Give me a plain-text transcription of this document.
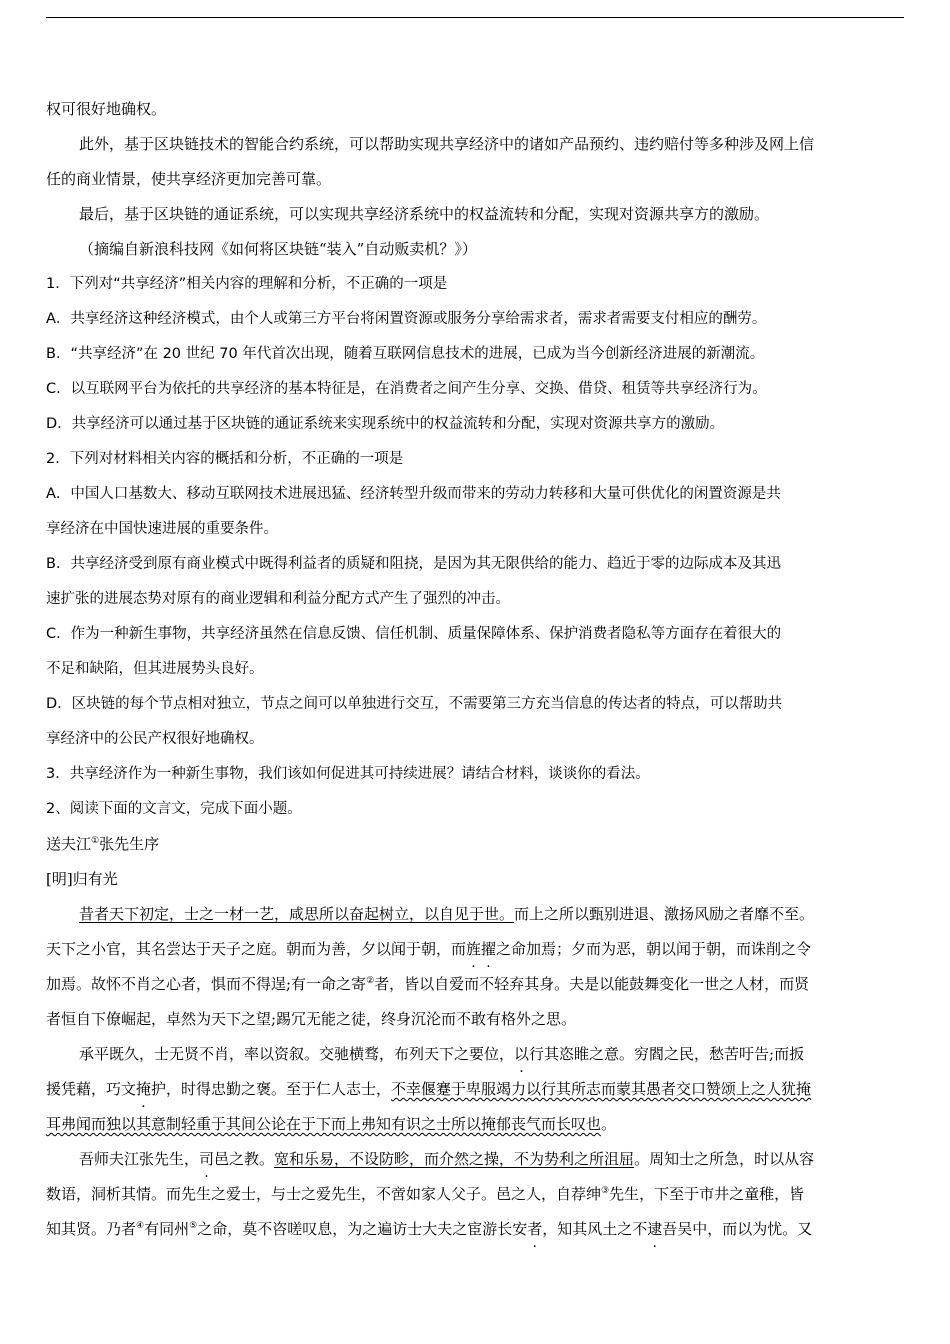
权可很好地确权。
此外，基于区块链技术的智能合约系统，可以帮助实现共享经济中的诸如产品预约、违约赔付等多种涉及网上信
任的商业情景，使共享经济更加完善可靠。
最后，基于区块链的通证系统，可以实现共享经济系统中的权益流转和分配，实现对资源共享方的激励。
（摘编自新浪科技网《如何将区块链“装入”自动贩卖机？》）
1．下列对“共享经济”相关内容的理解和分析，不正确的一项是
A．共享经济这种经济模式，由个人或第三方平台将闲置资源或服务分享给需求者，需求者需要支付相应的酬劳。
B．“共享经济”在 20 世纪 70 年代首次出现，随着互联网信息技术的进展，已成为当今创新经济进展的新潮流。
C．以互联网平台为依托的共享经济的基本特征是，在消费者之间产生分享、交换、借贷、租赁等共享经济行为。
D．共享经济可以通过基于区块链的通证系统来实现系统中的权益流转和分配，实现对资源共享方的激励。
2．下列对材料相关内容的概括和分析，不正确的一项是
A．中国人口基数大、移动互联网技术进展迅猛、经济转型升级而带来的劳动力转移和大量可供优化的闲置资源是共
享经济在中国快速进展的重要条件。
B．共享经济受到原有商业模式中既得利益者的质疑和阻挠，是因为其无限供给的能力、趋近于零的边际成本及其迅
速扩张的进展态势对原有的商业逻辑和利益分配方式产生了强烈的冲击。
C．作为一种新生事物，共享经济虽然在信息反馈、信任机制、质量保障体系、保护消费者隐私等方面存在着很大的
不足和缺陷，但其进展势头良好。
D．区块链的每个节点相对独立，节点之间可以单独进行交互，不需要第三方充当信息的传达者的特点，可以帮助共
享经济中的公民产权很好地确权。
3．共享经济作为一种新生事物，我们该如何促进其可持续进展？请结合材料，谈谈你的看法。
2、阅读下面的文言文，完成下面小题。
送夫江①张先生序
[明]归有光
昔者天下初定，士之一材一艺，咸思所以奋起树立，以自见于世。而上之所以甄别进退、激扬风励之者靡不至。
天下之小官，其名尝达于天子之庭。朝而为善，夕以闻于朝，而旌擢之命加焉；夕而为恶，朝以闻于朝，而诛削之令
加焉。故怀不肖之心者，惧而不得逞;有一命之寄②者，皆以自爱而不轻弃其身。夫是以能鼓舞变化一世之人材，而贤
者恒自下僚崛起，卓然为天下之望;踢冗无能之徒，终身沉沦而不敢有格外之思。
承平既久，士无贤不肖，率以资叙。交驰横骛，布列天下之要位，以行其恣睢之意。穷閻之民，愁苦吁告;而扳
援凭藉，巧文掩护，时得忠勤之褒。至于仁人志士，不幸偃蹇于卑服竭力以行其所志而蒙其愚者交口赞颂上之人犹掩
耳弗闻而独以其意制轻重于其间公论在于下而上弗知有识之士所以掩郁丧气而长叹也。
吾师夫江张先生，司邑之教。宽和乐易，不设防畛，而介然之操，不为势利之所沮屈。周知士之所急，时以从容
数语，洞析其情。而先生之爱士，与士之爱先生，不啻如家人父子。邑之人，自荐绅③先生，下至于市井之童稚，皆
知其贤。乃者④有同州⑤之命，莫不咨嗟叹息，为之遍访士大夫之宦游长安者，知其风土之不逮吾吴中，而以为忧。又
